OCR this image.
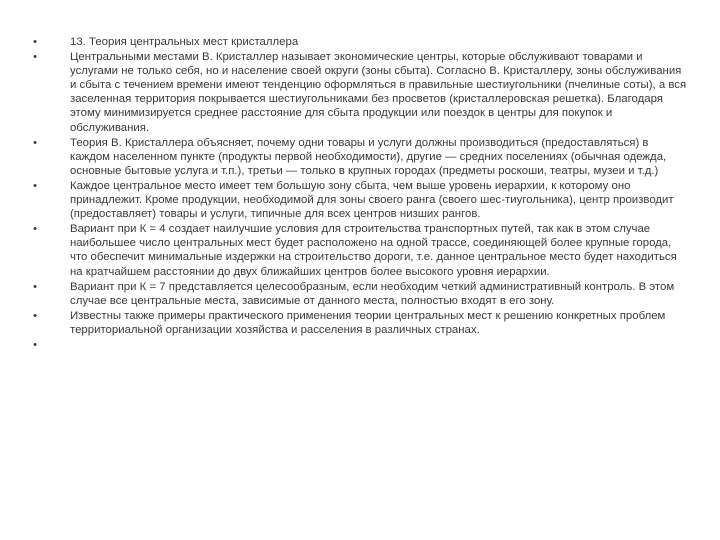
•	13. Теория центральных мест кристаллера
•	Центральными местами В. Кристаллер называет экономические центры, которые обслуживают товарами и услугами не только себя, но и население своей округи (зоны сбыта). Согласно В. Кристаллеру, зоны обслуживания и сбыта с течением времени имеют тенденцию оформляться в правильные шестиугольники (пчелиные соты), а вся заселенная территория покрывается шестиугольниками без просветов (кристаллеровская решетка). Благодаря этому минимизируется среднее расстояние для сбыта продукции или поездок в центры для покупок и обслуживания.
•	Теория В. Кристаллера объясняет, почему одни товары и услуги должны производиться (предоставляться) в каждом населенном пункте (продукты первой необходимости), другие — средних поселениях (обычная одежда, основные бытовые услуга и т.п.), третьи — только в крупных городах (предметы роскоши, театры, музеи и т.д.)
•	Каждое центральное место имеет тем большую зону сбыта, чем выше уровень иерархии, к которому оно принадлежит. Кроме продукции, необходимой для зоны своего ранга (своего шес-тиугольника), центр производит (предоставляет) товары и услуги, типичные для всех центров низших рангов.
•	Вариант при К = 4 создает наилучшие условия для строительства транспортных путей, так как в этом случае наибольшее число центральных мест будет расположено на одной трассе, соединяющей более крупные города, что обеспечит минимальные издержки на строительство дороги, т.е. данное центральное место будет находиться на кратчайшем расстоянии до двух ближайших центров более высокого уровня иерархии.
•	Вариант при К = 7 представляется целесообразным, если необходим четкий административный контроль. В этом случае все центральные места, зависимые от данного места, полностью входят в его зону.
•	Известны также примеры практического применения теории центральных мест к решению конкретных проблем территориальной организации хозяйства и расселения в различных странах.
•
